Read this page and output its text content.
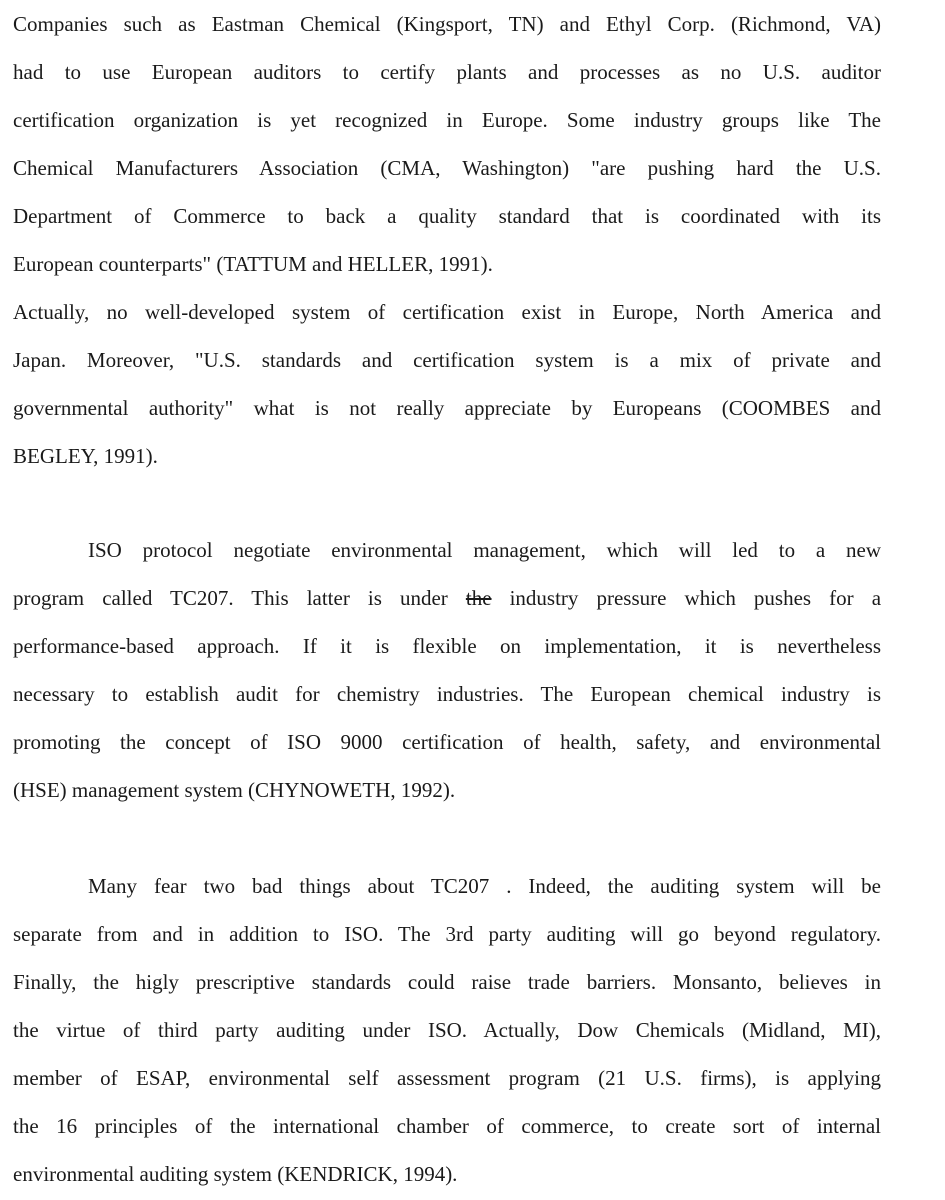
Companies such as Eastman Chemical (Kingsport, TN) and Ethyl Corp. (Richmond, VA)
had to use European auditors to certify plants and processes as no U.S. auditor
certification organization is yet recognized in Europe. Some industry groups like The
Chemical Manufacturers Association (CMA, Washington) "are pushing hard the U.S.
Department of Commerce to back a quality standard that is coordinated with its
European counterparts" (TATTUM and HELLER, 1991).

Actually, no well-developed system of certification exist in Europe, North America and
Japan. Moreover, "U.S. standards and certification system is a mix of private and
governmental authority" what is not really appreciate by Europeans (COOMBES and
BEGLEY, 1991).

ISO protocol negotiate environmental management, which will led to a new
program called TC207. This latter is under the industry pressure which pushes for a
performance-based approach. If it is flexible on implementation, it is nevertheless
necessary to establish audit for chemistry industries. The European chemical industry is
promoting the concept of ISO 9000 certification of health, safety, and environmental
(HSE) management system (CHYNOWETH, 1992).

Many fear two bad things about TC207 . Indeed, the auditing system will be
separate from and in addition to ISO. The 3rd party auditing will go beyond regulatory.
Finally, the higly prescriptive standards could raise trade barriers. Monsanto, believes in
the virtue of third party auditing under ISO. Actually, Dow Chemicals (Midland, MI),
member of ESAP, environmental self assessment program (21 U.S. firms), is applying
the 16 principles of the international chamber of commerce, to create sort of internal
environmental auditing system (KENDRICK, 1994).
